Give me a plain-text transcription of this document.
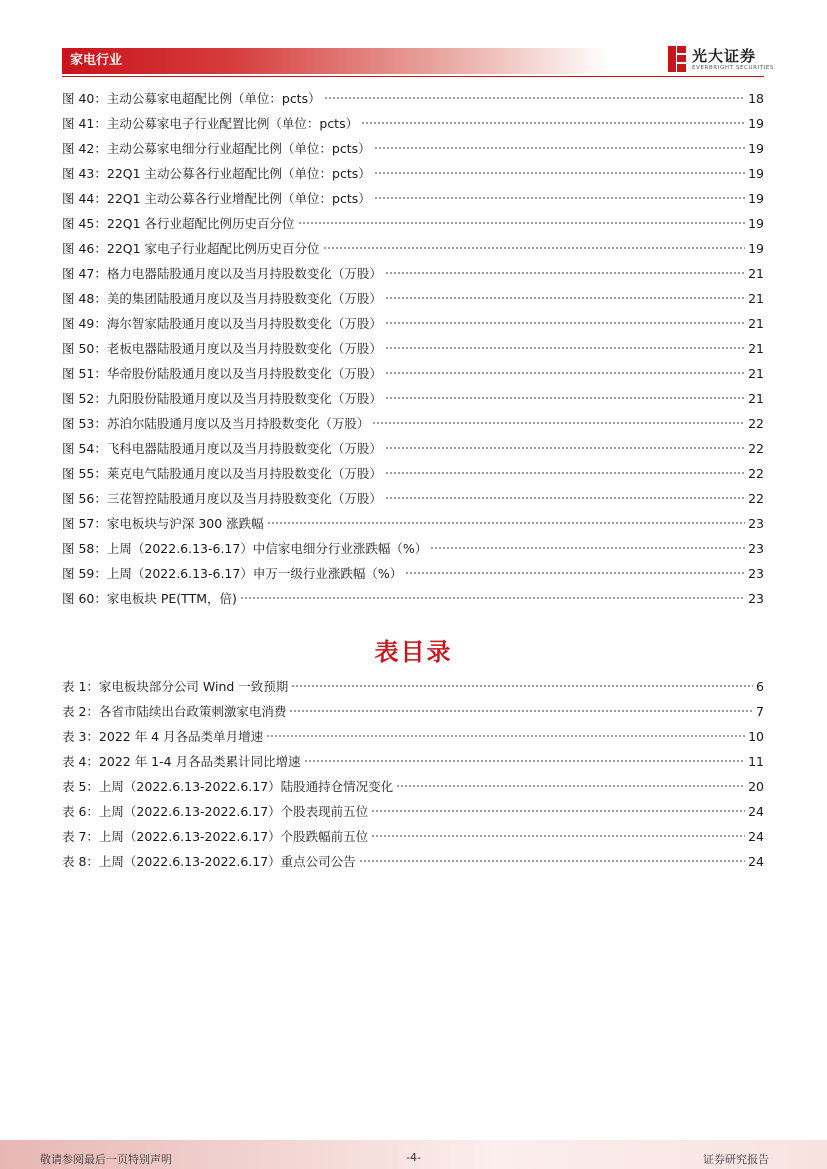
家电行业	光大证券
EVERBRIGHT SECURITIES
图 40：主动公募家电超配比例（单位：pcts）	18
图 41：主动公募家电子行业配置比例（单位：pcts）	19
图 42：主动公募家电细分行业超配比例（单位：pcts）	19
图 43：22Q1 主动公募各行业超配比例（单位：pcts）	19
图 44：22Q1 主动公募各行业增配比例（单位：pcts）	19
图 45：22Q1 各行业超配比例历史百分位	19
图 46：22Q1 家电子行业超配比例历史百分位	19
图 47：格力电器陆股通月度以及当月持股数变化（万股）	21
图 48：美的集团陆股通月度以及当月持股数变化（万股）	21
图 49：海尔智家陆股通月度以及当月持股数变化（万股）	21
图 50：老板电器陆股通月度以及当月持股数变化（万股）	21
图 51：华帝股份陆股通月度以及当月持股数变化（万股）	21
图 52：九阳股份陆股通月度以及当月持股数变化（万股）	21
图 53：苏泊尔陆股通月度以及当月持股数变化（万股）	22
图 54：飞科电器陆股通月度以及当月持股数变化（万股）	22
图 55：莱克电气陆股通月度以及当月持股数变化（万股）	22
图 56：三花智控陆股通月度以及当月持股数变化（万股）	22
图 57：家电板块与沪深 300 涨跌幅	23
图 58：上周（2022.6.13-6.17）中信家电细分行业涨跌幅（%）	23
图 59：上周（2022.6.13-6.17）申万一级行业涨跌幅（%）	23
图 60：家电板块 PE(TTM，倍)	23
表目录
表 1：家电板块部分公司 Wind 一致预期	6
表 2：各省市陆续出台政策刺激家电消费	7
表 3：2022 年 4 月各品类单月增速	10
表 4：2022 年 1-4 月各品类累计同比增速	11
表 5：上周（2022.6.13-2022.6.17）陆股通持仓情况变化	20
表 6：上周（2022.6.13-2022.6.17）个股表现前五位	24
表 7：上周（2022.6.13-2022.6.17）个股跌幅前五位	24
表 8：上周（2022.6.13-2022.6.17）重点公司公告	24
敬请参阅最后一页特别声明	-4-	证券研究报告
